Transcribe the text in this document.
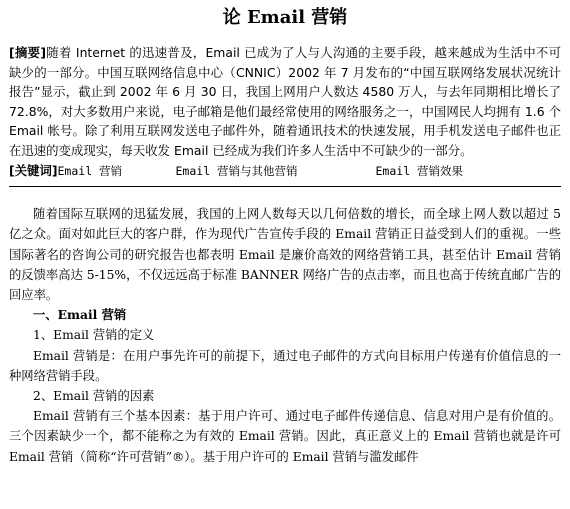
论 Email 营销
[摘要]随着 Internet 的迅速普及，Email 已成为了人与人沟通的主要手段，越来越成为生活中不可缺少的一部分。中国互联网络信息中心（CNNIC）2002 年 7 月发布的“中国互联网络发展状况统计报告”显示，截止到 2002 年 6 月 30 日，我国上网用户人数达 4580 万人，与去年同期相比增长了 72.8%，对大多数用户来说，电子邮箱是他们最经常使用的网络服务之一，中国网民人均拥有 1.6 个 Email 帐号。除了利用互联网发送电子邮件外，随着通讯技术的快速发展，用手机发送电子邮件也正在迅速的变成现实，每天收发 Email 已经成为我们许多人生活中不可缺少的一部分。
[关键词]Email 营销	Email 营销与其他营销	Email 营销效果

随着国际互联网的迅猛发展，我国的上网人数每天以几何倍数的增长，而全球上网人数以超过 5 亿之众。面对如此巨大的客户群，作为现代广告宣传手段的 Email 营销正日益受到人们的重视。一些国际著名的咨询公司的研究报告也都表明 Email 是廉价高效的网络营销工具，甚至估计 Email 营销的反馈率高达 5-15%，不仅远远高于标准 BANNER 网络广告的点击率，而且也高于传统直邮广告的回应率。

一、Email 营销

1、Email 营销的定义

Email 营销是：在用户事先许可的前提下，通过电子邮件的方式向目标用户传递有价值信息的一种网络营销手段。

2、Email 营销的因素

Email 营销有三个基本因素：基于用户许可、通过电子邮件传递信息、信息对用户是有价值的。三个因素缺少一个，都不能称之为有效的 Email 营销。因此，真正意义上的 Email 营销也就是许可 Email 营销（简称“许可营销”®）。基于用户许可的 Email 营销与滥发邮件
